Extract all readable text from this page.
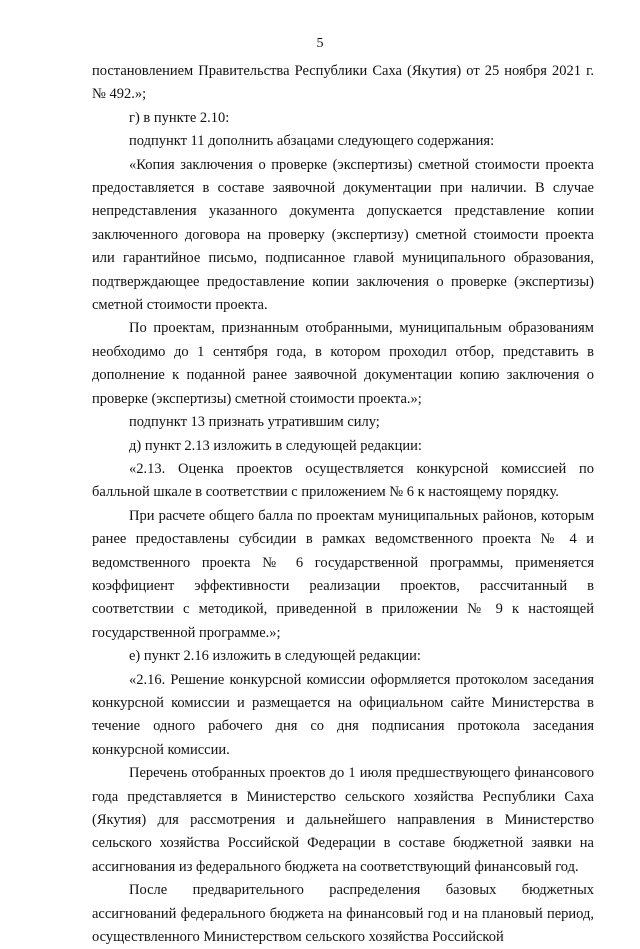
5

постановлением Правительства Республики Саха (Якутия) от 25 ноября 2021 г. № 492.»;

г) в пункте 2.10:

подпункт 11 дополнить абзацами следующего содержания:

«Копия заключения о проверке (экспертизы) сметной стоимости проекта предоставляется в составе заявочной документации при наличии. В случае непредставления указанного документа допускается представление копии заключенного договора на проверку (экспертизу) сметной стоимости проекта или гарантийное письмо, подписанное главой муниципального образования, подтверждающее предоставление копии заключения о проверке (экспертизы) сметной стоимости проекта.

По проектам, признанным отобранными, муниципальным образованиям необходимо до 1 сентября года, в котором проходил отбор, представить в дополнение к поданной ранее заявочной документации копию заключения о проверке (экспертизы) сметной стоимости проекта.»;

подпункт 13 признать утратившим силу;

д) пункт 2.13 изложить в следующей редакции:

«2.13. Оценка проектов осуществляется конкурсной комиссией по балльной шкале в соответствии с приложением № 6 к настоящему порядку.

При расчете общего балла по проектам муниципальных районов, которым ранее предоставлены субсидии в рамках ведомственного проекта № 4 и ведомственного проекта № 6 государственной программы, применяется коэффициент эффективности реализации проектов, рассчитанный в соответствии с методикой, приведенной в приложении № 9 к настоящей государственной программе.»;

е) пункт 2.16 изложить в следующей редакции:

«2.16. Решение конкурсной комиссии оформляется протоколом заседания конкурсной комиссии и размещается на официальном сайте Министерства в течение одного рабочего дня со дня подписания протокола заседания конкурсной комиссии.

Перечень отобранных проектов до 1 июля предшествующего финансового года представляется в Министерство сельского хозяйства Республики Саха (Якутия) для рассмотрения и дальнейшего направления в Министерство сельского хозяйства Российской Федерации в составе бюджетной заявки на ассигнования из федерального бюджета на соответствующий финансовый год.

После предварительного распределения базовых бюджетных ассигнований федерального бюджета на финансовый год и на плановый период, осуществленного Министерством сельского хозяйства Российской
